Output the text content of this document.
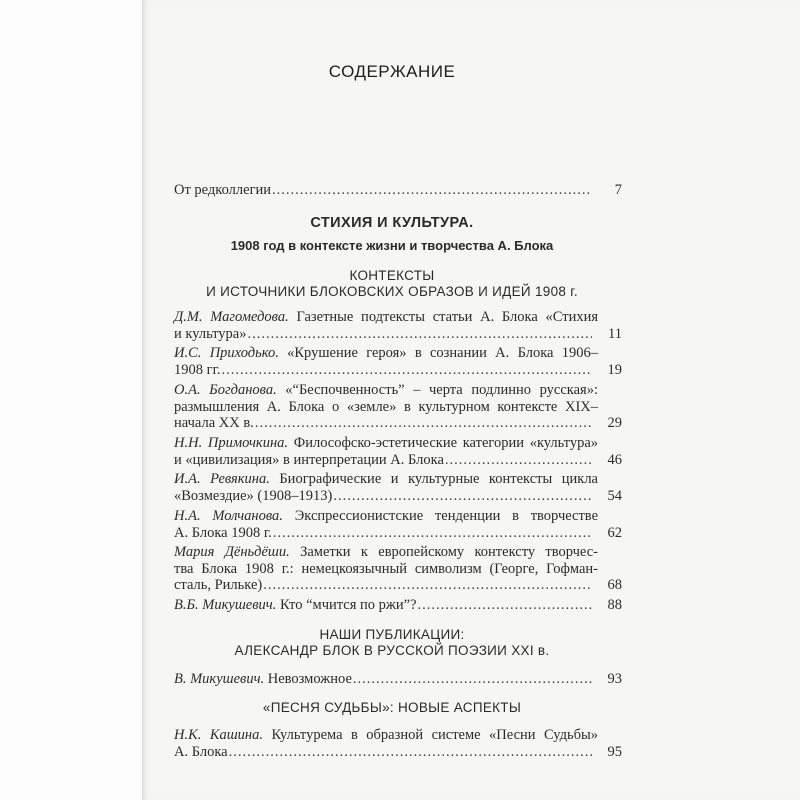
СОДЕРЖАНИЕ
От редколлегии .....	7
СТИХИЯ И КУЛЬТУРА.
1908 год в контексте жизни и творчества А. Блока
КОНТЕКСТЫ
И ИСТОЧНИКИ БЛОКОВСКИХ ОБРАЗОВ И ИДЕЙ 1908 г.
НАШИ ПУБЛИКАЦИИ:
АЛЕКСАНДР БЛОК В РУССКОЙ ПОЭЗИИ XXI в.
«ПЕСНЯ СУДЬБЫ»: НОВЫЕ АСПЕКТЫ
Д.М. Магомедова. Газетные подтексты статьи А. Блока «Стихия
и культура» .....	11
И.С. Приходько. «Крушение героя» в сознании А. Блока 1906–
1908 гг. .....	19
О.А. Богданова. «“Беспочвенность” – черта подлинно русская»:
размышления А. Блока о «земле» в культурном контексте XIX–
начала XX в. .....	29
Н.Н. Примочкина. Философско-эстетические категории «культура»
и «цивилизация» в интерпретации А. Блока .....	46
И.А. Ревякина. Биографические и культурные контексты цикла
«Возмездие» (1908–1913) .....	54
Н.А. Молчанова. Экспрессионистские тенденции в творчестве
А. Блока 1908 г. .....	62
Мария Дёньдёши. Заметки к европейскому контексту творчес-
тва Блока 1908 г.: немецкоязычный символизм (Георге, Гофман-
сталь, Рильке) .....	68
В.Б. Микушевич. Кто “мчится по ржи”? .....	88
В. Микушевич. Невозможное .....	93
Н.К. Кашина. Культурема в образной системе «Песни Судьбы»
А. Блока .....	95
